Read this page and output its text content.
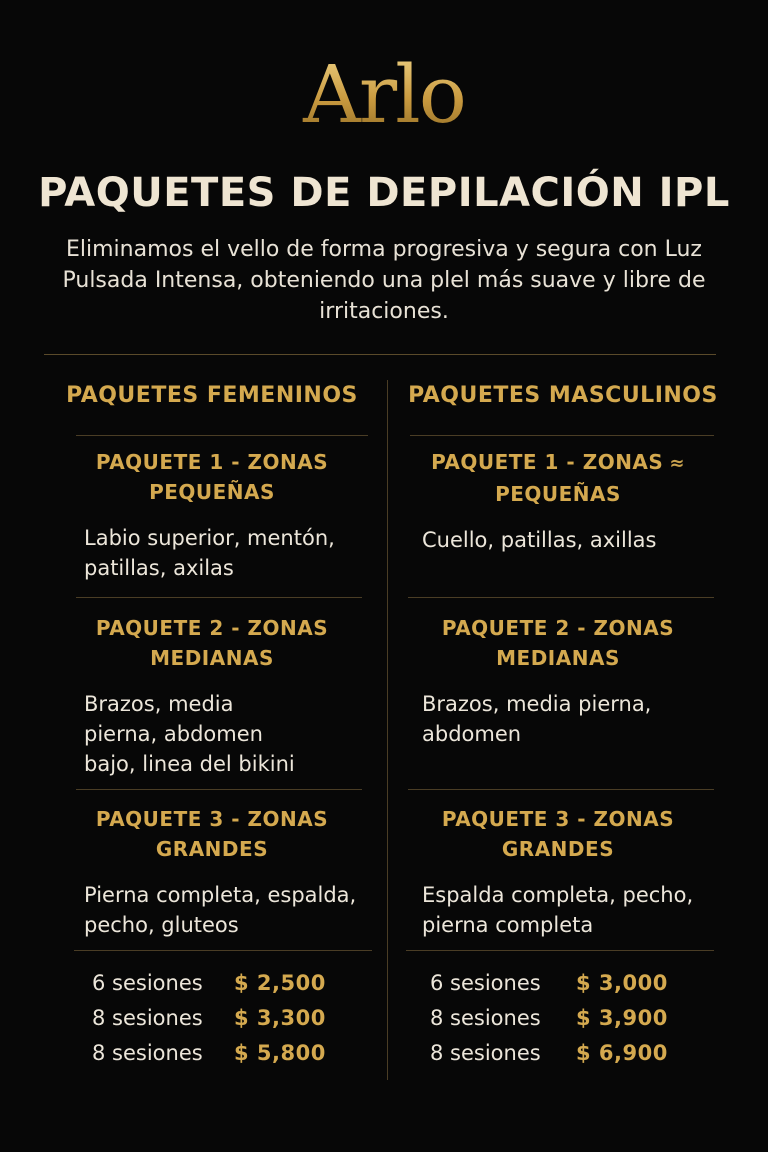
Arlo
PAQUETES DE DEPILACIÓN IPL
Eliminamos el vello de forma progresiva y segura con Luz Pulsada Intensa, obteniendo una plel más suave y libre de irritaciones.
PAQUETES FEMENINOS
PAQUETE 1 - ZONAS
PEQUEÑAS
Labio superior, mentón, patillas, axilas
PAQUETE 2 - ZONAS
MEDIANAS
Brazos, media pierna, abdomen bajo, linea del bikini
PAQUETE 3 - ZONAS
GRANDES
Pierna completa, espalda, pecho, gluteos
6 sesiones $ 2,500
8 sesiones $ 3,300
8 sesiones $ 5,800
PAQUETES MASCULINOS
PAQUETE 1 - ZONAS ≈
PEQUEÑAS
Cuello, patillas, axillas
PAQUETE 2 - ZONAS
MEDIANAS
Brazos, media pierna, abdomen
PAQUETE 3 - ZONAS
GRANDES
Espalda completa, pecho, pierna completa
6 sesiones $ 3,000
8 sesiones $ 3,900
8 sesiones $ 6,900
